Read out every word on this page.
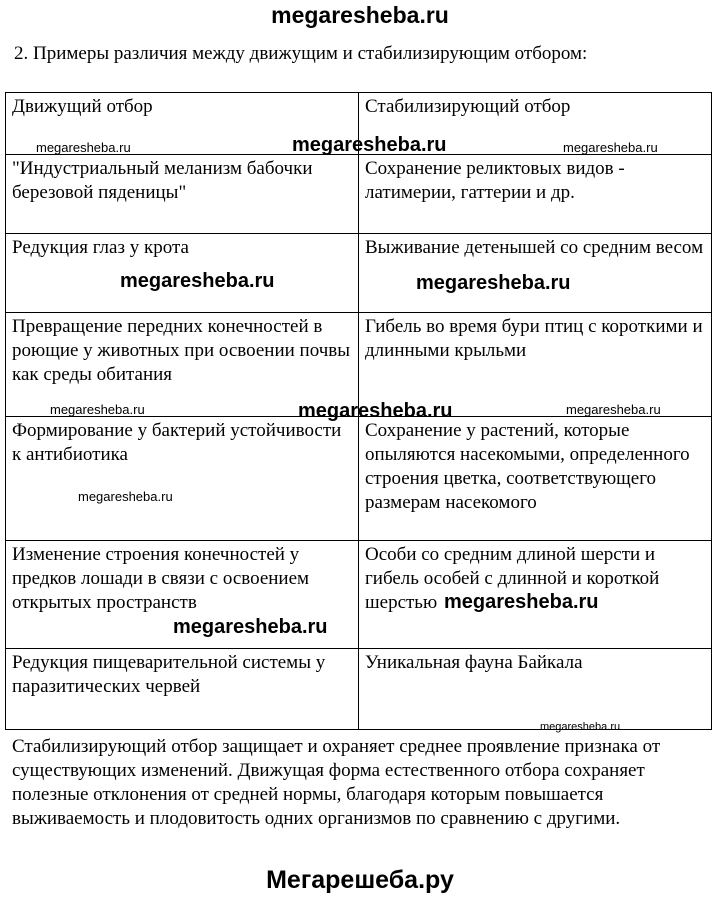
megaresheba.ru
2. Примеры различия между движущим и стабилизирующим отбором:
Движущий отбор	Стабилизирующий отбор
"Индустриальный меланизм бабочки березовой пяденицы"	Сохранение реликтовых видов - латимерии, гаттерии и др.
Редукция глаз у крота	Выживание детенышей со средним весом
Превращение передних конечностей в роющие у животных при освоении почвы как среды обитания	Гибель во время бури птиц с короткими и длинными крыльми
Формирование у бактерий устойчивости к антибиотика	Сохранение у растений, которые опыляются насекомыми, определенного строения цветка, соответствующего размерам насекомого
Изменение строения конечностей у предков лошади в связи с освоением открытых пространств	Особи со средним длиной шерсти и гибель особей с длинной и короткой шерстью
Редукция пищеварительной системы у паразитических червей	Уникальная фауна Байкала
megaresheba.ru	megaresheba.ru	megaresheba.ru
megaresheba.ru	megaresheba.ru
megaresheba.ru	megaresheba.ru	megaresheba.ru
megaresheba.ru
megaresheba.ru
megaresheba.ru
megaresheba.ru
Стабилизирующий отбор защищает и охраняет среднее проявление признака от существующих изменений. Движущая форма естественного отбора сохраняет полезные отклонения от средней нормы, благодаря которым повышается выживаемость и плодовитость одних организмов по сравнению с другими.
Мегарешеба.ру
